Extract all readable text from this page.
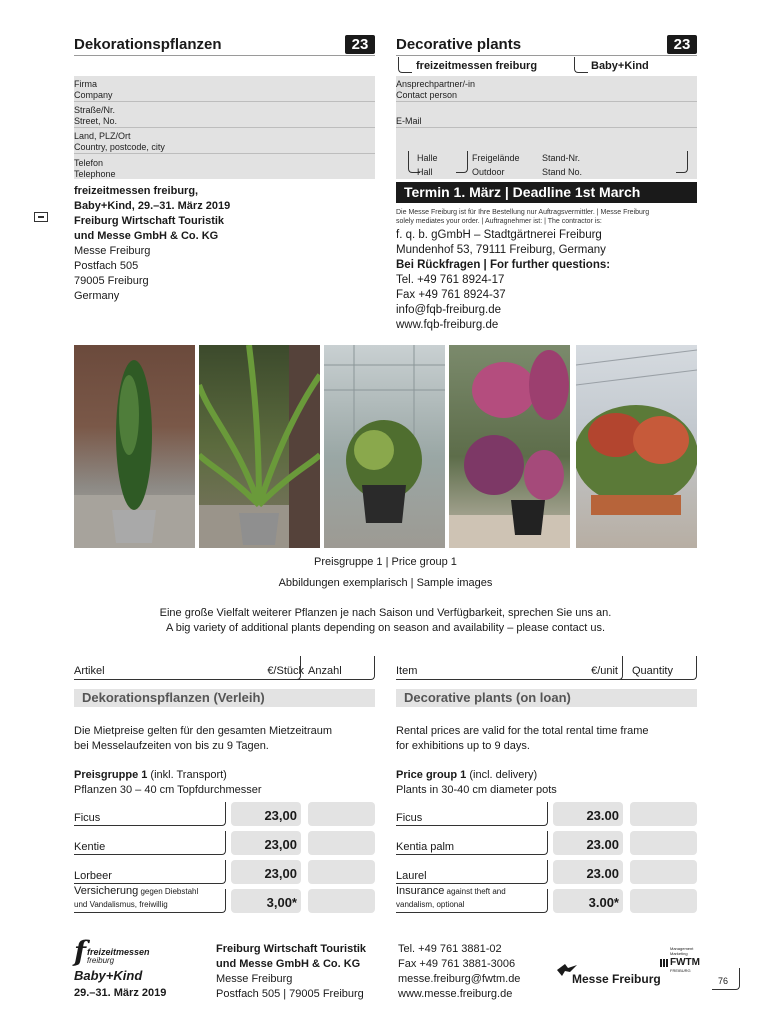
Dekorationspflanzen	23	Decorative plants	23
freizeitmessen freiburg	Baby+Kind
Firma
Company
Straße/Nr.
Street, No.
Land, PLZ/Ort
Country, postcode, city
Telefon
Telephone
Ansprechpartner/-in
Contact person
E-Mail
Halle
Hall
Freigelände
Outdoor
Stand-Nr.
Stand No.
freizeitmessen freiburg,
Baby+Kind, 29.–31. März 2019
Freiburg Wirtschaft Touristik
und Messe GmbH & Co. KG
Messe Freiburg
Postfach 505
79005 Freiburg
Germany
Termin 1. März | Deadline 1st March
Die Messe Freiburg ist für Ihre Bestellung nur Auftragsvermittler. | Messe Freiburg
solely mediates your order. | Auftragnehmer ist: | The contractor is:
f. q. b. gGmbH – Stadtgärtnerei Freiburg
Mundenhof 53, 79111 Freiburg, Germany
Bei Rückfragen | For further questions:
Tel. +49 761 8924-17
Fax +49 761 8924-37
info@fqb-freiburg.de
www.fqb-freiburg.de
Preisgruppe 1 | Price group 1
Abbildungen exemplarisch | Sample images
Eine große Vielfalt weiterer Pflanzen je nach Saison und Verfügbarkeit, sprechen Sie uns an.
A big variety of additional plants depending on season and availability – please contact us.
Artikel	€/Stück Anzahl
Dekorationspflanzen (Verleih)
Die Mietpreise gelten für den gesamten Mietzeitraum
bei Messelaufzeiten von bis zu 9 Tagen.
Preisgruppe 1 (inkl. Transport)
Pflanzen 30 – 40 cm Topfdurchmesser
Ficus	23,00
Kentie	23,00
Lorbeer	23,00
Versicherung gegen Diebstahl
und Vandalismus, freiwillig	3,00*
Item	€/unit Quantity
Decorative plants (on loan)
Rental prices are valid for the total rental time frame
for exhibitions up to 9 days.
Price group 1 (incl. delivery)
Plants in 30-40 cm diameter pots
Ficus	23.00
Kentia palm	23.00
Laurel	23.00
Insurance against theft and
vandalism, optional	3.00*
f freizeitmessen
freiburg
Baby+Kind
29.–31. März 2019
Freiburg Wirtschaft Touristik
und Messe GmbH & Co. KG
Messe Freiburg
Postfach 505 | 79005 Freiburg
Tel. +49 761 3881-02
Fax +49 761 3881-3006
messe.freiburg@fwtm.de
www.messe.freiburg.de
Messe Freiburg
Management
Marketing
FWTM
FREIBURG
76
